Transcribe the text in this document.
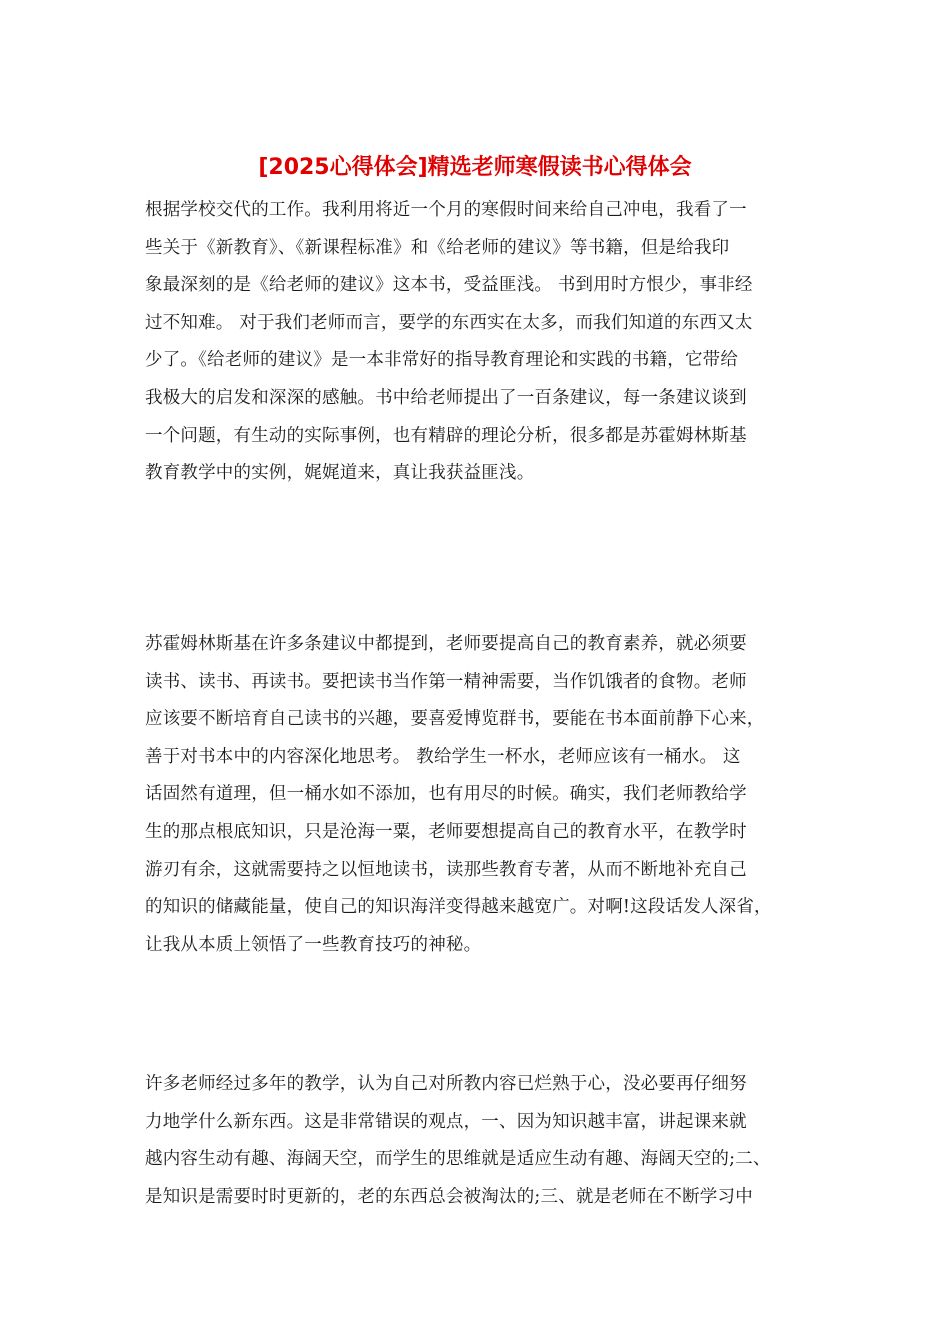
[2025心得体会]精选老师寒假读书心得体会
根据学校交代的工作。我利用将近一个月的寒假时间来给自己冲电，我看了一
些关于《新教育》、《新课程标准》和《给老师的建议》等书籍，但是给我印
象最深刻的是《给老师的建议》这本书，受益匪浅。 书到用时方恨少，事非经
过不知难。 对于我们老师而言，要学的东西实在太多，而我们知道的东西又太
少了。《给老师的建议》是一本非常好的指导教育理论和实践的书籍，它带给
我极大的启发和深深的感触。书中给老师提出了一百条建议，每一条建议谈到
一个问题，有生动的实际事例，也有精辟的理论分析，很多都是苏霍姆林斯基
教育教学中的实例，娓娓道来，真让我获益匪浅。
苏霍姆林斯基在许多条建议中都提到，老师要提高自己的教育素养，就必须要
读书、读书、再读书。要把读书当作第一精神需要，当作饥饿者的食物。老师
应该要不断培育自己读书的兴趣，要喜爱博览群书，要能在书本面前静下心来，
善于对书本中的内容深化地思考。 教给学生一杯水，老师应该有一桶水。 这
话固然有道理，但一桶水如不添加，也有用尽的时候。确实，我们老师教给学
生的那点根底知识，只是沧海一粟，老师要想提高自己的教育水平，在教学时
游刃有余，这就需要持之以恒地读书，读那些教育专著，从而不断地补充自己
的知识的储藏能量，使自己的知识海洋变得越来越宽广。对啊!这段话发人深省，
让我从本质上领悟了一些教育技巧的神秘。
许多老师经过多年的教学，认为自己对所教内容已烂熟于心，没必要再仔细努
力地学什么新东西。这是非常错误的观点，一、因为知识越丰富，讲起课来就
越内容生动有趣、海阔天空，而学生的思维就是适应生动有趣、海阔天空的;二、
是知识是需要时时更新的，老的东西总会被淘汰的;三、就是老师在不断学习中
